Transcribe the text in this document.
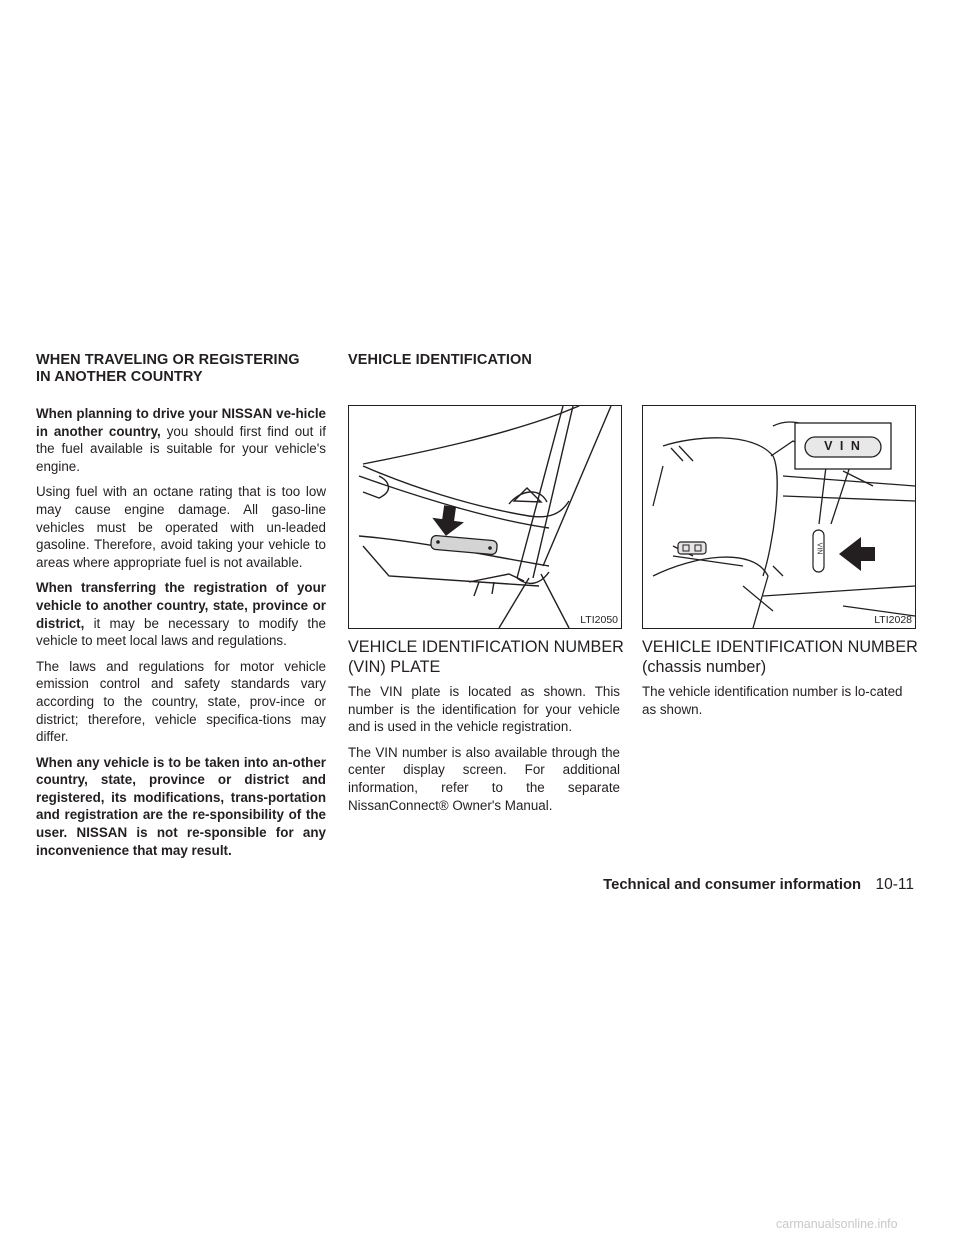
WHEN TRAVELING OR REGISTERING
IN ANOTHER COUNTRY
VEHICLE IDENTIFICATION

When planning to drive your NISSAN ve-hicle in another country, you should first find out if the fuel available is suitable for your vehicle's engine.

Using fuel with an octane rating that is too low may cause engine damage. All gaso-line vehicles must be operated with un-leaded gasoline. Therefore, avoid taking your vehicle to areas where appropriate fuel is not available.

When transferring the registration of your vehicle to another country, state, province or district, it may be necessary to modify the vehicle to meet local laws and regulations.

The laws and regulations for motor vehicle emission control and safety standards vary according to the country, state, prov-ince or district; therefore, vehicle specifica-tions may differ.

When any vehicle is to be taken into an-other country, state, province or district and registered, its modifications, trans-portation and registration are the re-sponsibility of the user. NISSAN is not re-sponsible for any inconvenience that may result.

LTI2050
VEHICLE IDENTIFICATION NUMBER
(VIN) PLATE

The VIN plate is located as shown. This number is the identification for your vehicle and is used in the vehicle registration.

The VIN number is also available through the center display screen. For additional information, refer to the separate NissanConnect® Owner's Manual.

V I N
VIN
LTI2028
VEHICLE IDENTIFICATION NUMBER
(chassis number)

The vehicle identification number is lo-cated as shown.

Technical and consumer information 10-11
carmanualsonline.info
